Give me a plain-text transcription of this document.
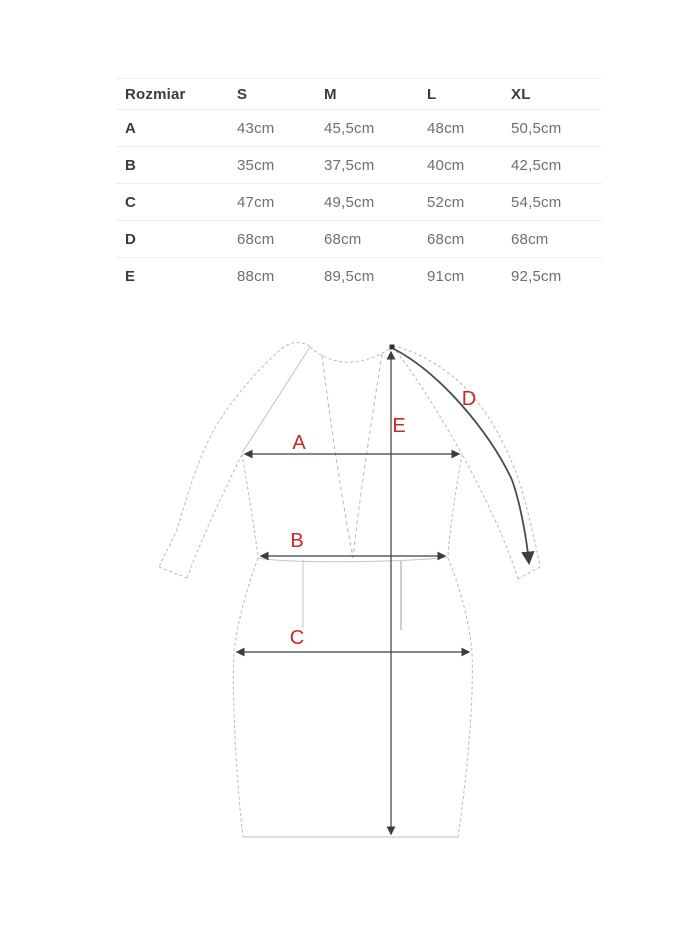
Rozmiar	S	M	L	XL
A	43cm	45,5cm	48cm	50,5cm
B	35cm	37,5cm	40cm	42,5cm
C	47cm	49,5cm	52cm	54,5cm
D	68cm	68cm	68cm	68cm
E	88cm	89,5cm	91cm	92,5cm
A
B
C
D
E
